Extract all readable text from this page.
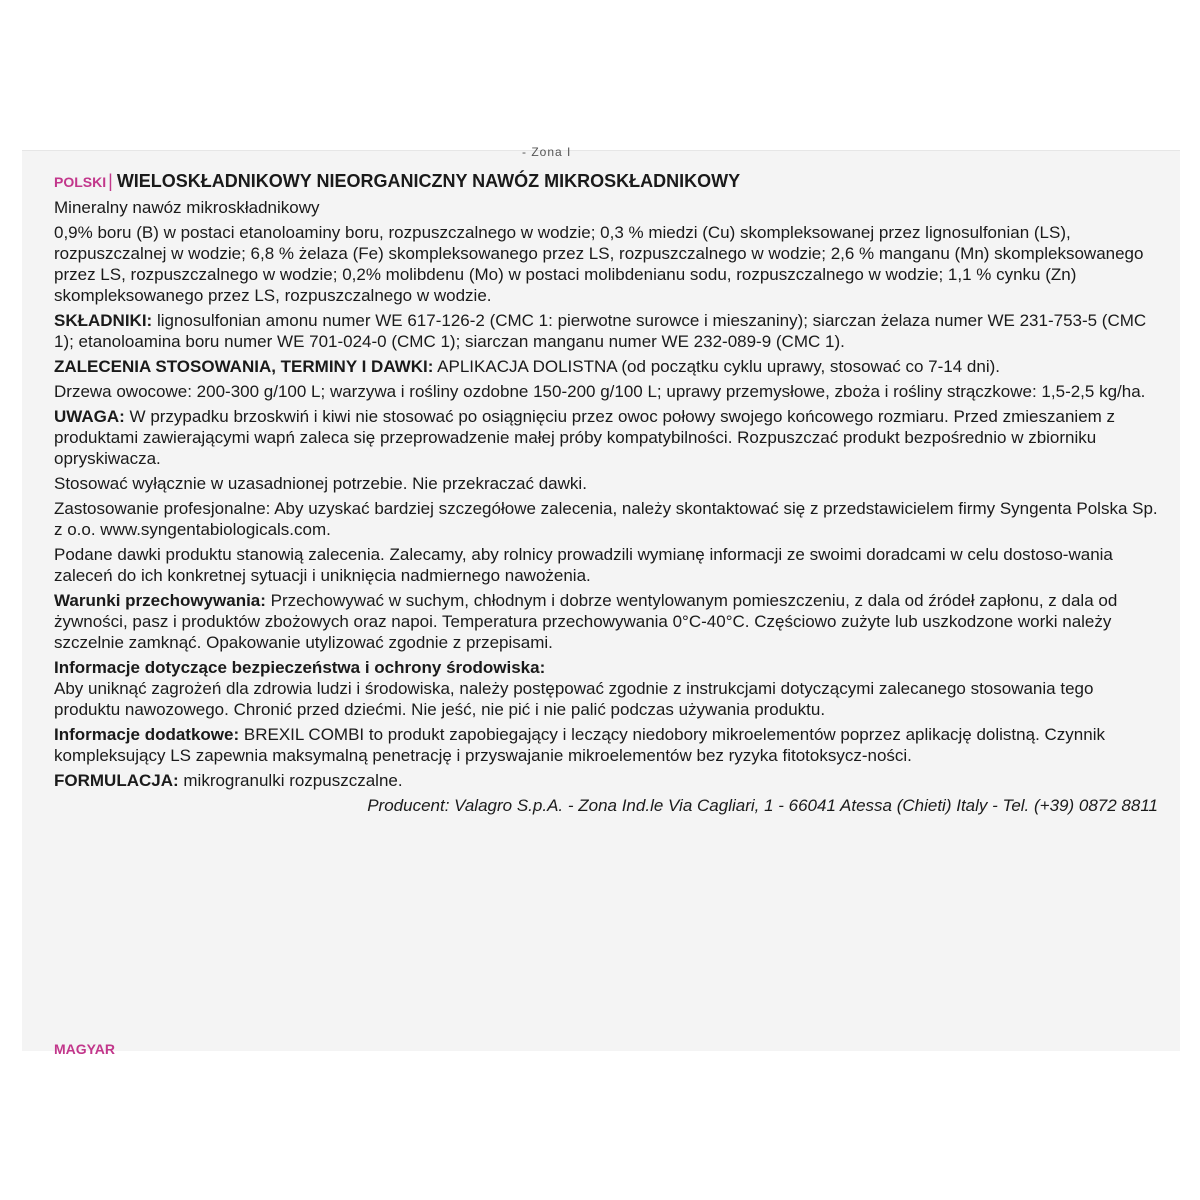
- Zona I
POLSKI | WIELOSKŁADNIKOWY NIEORGANICZNY NAWÓZ MIKROSKŁADNIKOWY

Mineralny nawóz mikroskładnikowy

0,9% boru (B) w postaci etanoloaminy boru, rozpuszczalnego w wodzie; 0,3 % miedzi (Cu) skompleksowanej przez lignosulfonian (LS), rozpuszczalnej w wodzie; 6,8 % żelaza (Fe) skompleksowanego przez LS, rozpuszczalnego w wodzie; 2,6 % manganu (Mn) skompleksowanego przez LS, rozpuszczalnego w wodzie; 0,2% molibdenu (Mo) w postaci molibdenianu sodu, rozpuszczalnego w wodzie; 1,1 % cynku (Zn) skompleksowanego przez LS, rozpuszczalnego w wodzie.

SKŁADNIKI: lignosulfonian amonu numer WE 617-126-2 (CMC 1: pierwotne surowce i mieszaniny); siarczan żelaza numer WE 231-753-5 (CMC 1); etanoloamina boru numer WE 701-024-0 (CMC 1); siarczan manganu numer WE 232-089-9 (CMC 1).

ZALECENIA STOSOWANIA, TERMINY I DAWKI: APLIKACJA DOLISTNA (od początku cyklu uprawy, stosować co 7-14 dni).

Drzewa owocowe: 200-300 g/100 L; warzywa i rośliny ozdobne 150-200 g/100 L; uprawy przemysłowe, zboża i rośliny strączkowe: 1,5-2,5 kg/ha.

UWAGA: W przypadku brzoskwiń i kiwi nie stosować po osiągnięciu przez owoc połowy swojego końcowego rozmiaru. Przed zmieszaniem z produktami zawierającymi wapń zaleca się przeprowadzenie małej próby kompatybilności. Rozpuszczać produkt bezpośrednio w zbiorniku opryskiwacza.

Stosować wyłącznie w uzasadnionej potrzebie. Nie przekraczać dawki.

Zastosowanie profesjonalne: Aby uzyskać bardziej szczegółowe zalecenia, należy skontaktować się z przedstawicielem firmy Syngenta Polska Sp. z o.o. www.syngentabiologicals.com.

Podane dawki produktu stanowią zalecenia. Zalecamy, aby rolnicy prowadzili wymianę informacji ze swoimi doradcami w celu dostoso-wania zaleceń do ich konkretnej sytuacji i uniknięcia nadmiernego nawożenia.

Warunki przechowywania: Przechowywać w suchym, chłodnym i dobrze wentylowanym pomieszczeniu, z dala od źródeł zapłonu, z dala od żywności, pasz i produktów zbożowych oraz napoi. Temperatura przechowywania 0°C-40°C. Częściowo zużyte lub uszkodzone worki należy szczelnie zamknąć. Opakowanie utylizować zgodnie z przepisami.

Informacje dotyczące bezpieczeństwa i ochrony środowiska:
Aby uniknąć zagrożeń dla zdrowia ludzi i środowiska, należy postępować zgodnie z instrukcjami dotyczącymi zalecanego stosowania tego produktu nawozowego. Chronić przed dziećmi. Nie jeść, nie pić i nie palić podczas używania produktu.

Informacje dodatkowe: BREXIL COMBI to produkt zapobiegający i leczący niedobory mikroelementów poprzez aplikację dolistną. Czynnik kompleksujący LS zapewnia maksymalną penetrację i przyswajanie mikroelementów bez ryzyka fitotoksycz-ności.

FORMULACJA: mikrogranulki rozpuszczalne.

Producent: Valagro S.p.A. - Zona Ind.le Via Cagliari, 1 - 66041 Atessa (Chieti) Italy - Tel. (+39) 0872 8811
MAGYAR
